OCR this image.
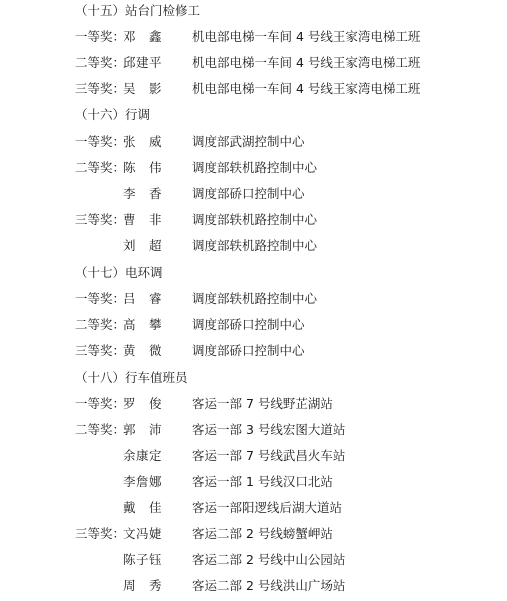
（十五）站台门检修工
一等奖：
邓　鑫	机电部电梯一车间 4 号线王家湾电梯工班
二等奖：
邱建平	机电部电梯一车间 4 号线王家湾电梯工班
三等奖：
吴　影	机电部电梯一车间 4 号线王家湾电梯工班
（十六）行调
一等奖：
张　威	调度部武湖控制中心
二等奖：
陈　伟	调度部轶机路控制中心
李　香	调度部硚口控制中心
三等奖：
曹　非	调度部轶机路控制中心
刘　超	调度部轶机路控制中心
（十七）电环调
一等奖：
吕　睿	调度部轶机路控制中心
二等奖：
高　攀	调度部硚口控制中心
三等奖：
黄　微	调度部硚口控制中心
（十八）行车值班员
一等奖：
罗　俊	客运一部 7 号线野芷湖站
二等奖：
郭　沛	客运一部 3 号线宏图大道站
余康定	客运一部 7 号线武昌火车站
李詹娜	客运一部 1 号线汉口北站
戴　佳	客运一部阳逻线后湖大道站
三等奖：
文冯婕	客运二部 2 号线螃蟹岬站
陈子钰	客运二部 2 号线中山公园站
周　秀	客运二部 2 号线洪山广场站
